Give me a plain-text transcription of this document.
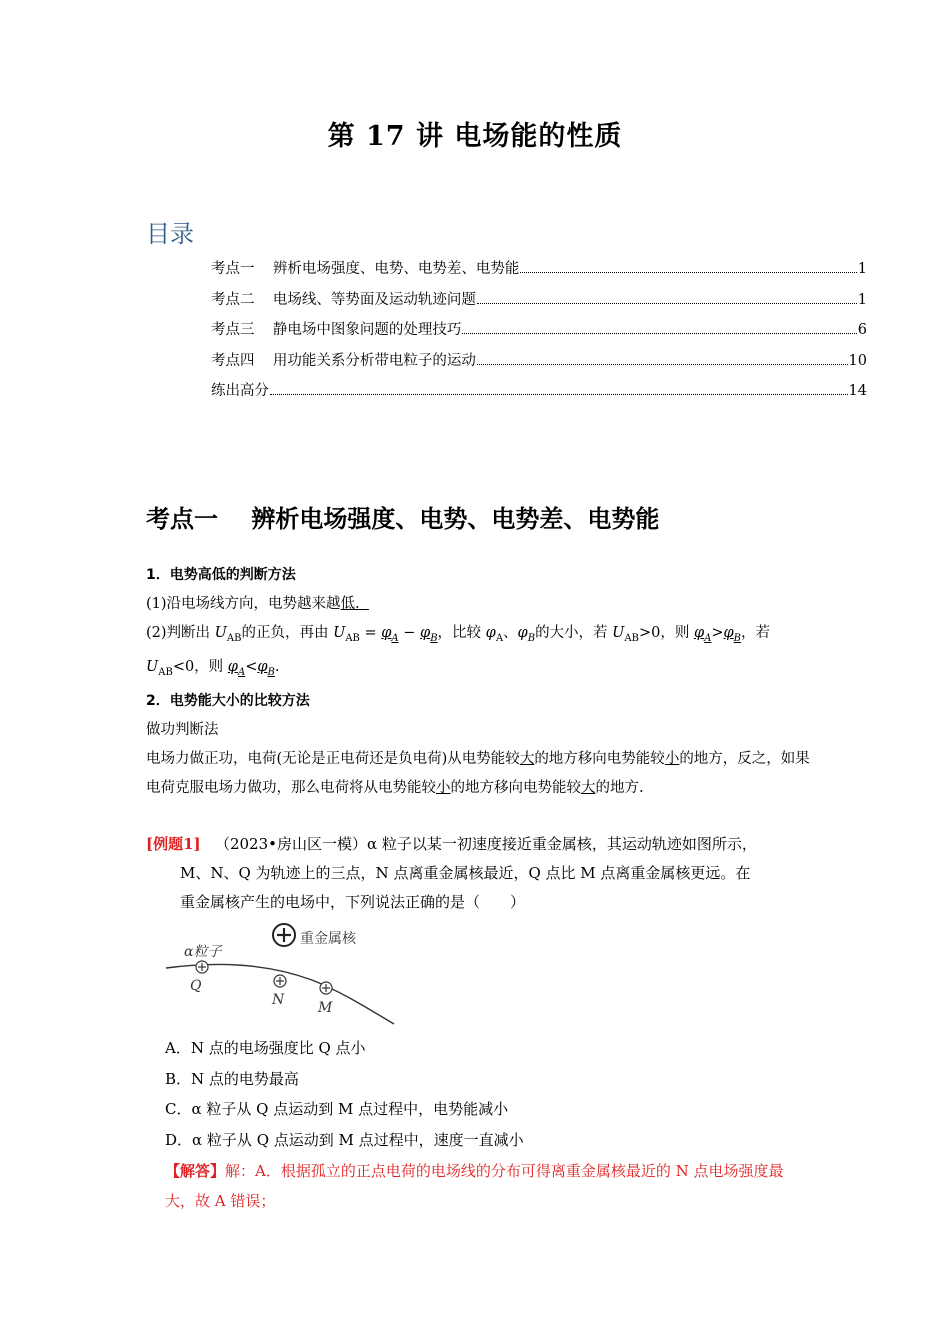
第 17 讲 电场能的性质
目录
考点一    辨析电场强度、电势、电势差、电势能	1
考点二    电场线、等势面及运动轨迹问题	1
考点三    静电场中图象问题的处理技巧	6
考点四    用功能关系分析带电粒子的运动	10
练出高分	14
考点一    辨析电场强度、电势、电势差、电势能
1．电势高低的判断方法
(1)沿电场线方向，电势越来越低.
(2)判断出 $U_{AB}$的正负，再由 $U_{AB} = \varphi_A - \varphi_B$，比较 $\varphi_A$、$\varphi_B$的大小，若 $U_{AB}>0$，则 $\varphi_A>\varphi_B$，若
$U_{AB}<0$，则 $\varphi_A<\varphi_B$.
2．电势能大小的比较方法
做功判断法
电场力做正功，电荷(无论是正电荷还是负电荷)从电势能较大的地方移向电势能较小的地方，反之，如果电荷克服电场力做功，那么电荷将从电势能较小的地方移向电势能较大的地方.
[例题1]   （2023•房山区一模）α 粒子以某一初速度接近重金属核，其运动轨迹如图所示，
M、N、Q 为轨迹上的三点，N 点离重金属核最近，Q 点比 M 点离重金属核更远。在
重金属核产生的电场中，下列说法正确的是（　　）
重金属核
α粒子
Q
N M
A．N 点的电场强度比 Q 点小
B．N 点的电势最高
C．α 粒子从 Q 点运动到 M 点过程中，电势能减小
D．α 粒子从 Q 点运动到 M 点过程中，速度一直减小
【解答】解：A．根据孤立的正点电荷的电场线的分布可得离重金属核最近的 N 点电场强度最大，故 A 错误；
